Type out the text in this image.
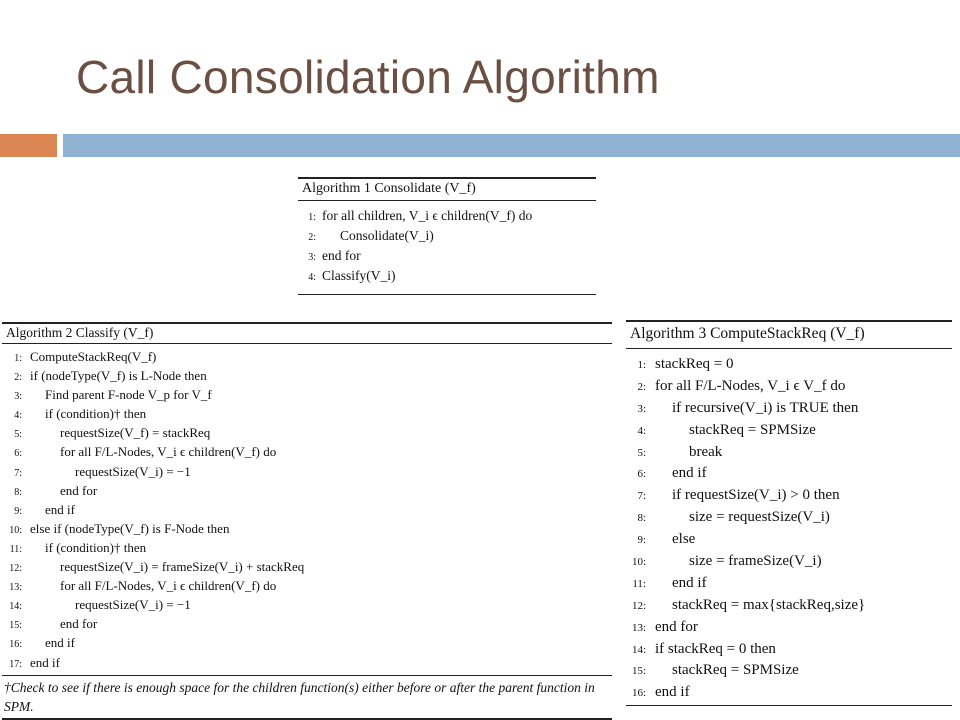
Call Consolidation Algorithm
Algorithm 1 Consolidate (V_f)
1: for all children, V_i ϵ children(V_f) do
2: Consolidate(V_i)
3: end for
4: Classify(V_i)
Algorithm 2 Classify (V_f)
1: ComputeStackReq(V_f)
2: if (nodeType(V_f) is L-Node then
3: Find parent F-node V_p for V_f
4: if (condition)† then
5:	requestSize(V_f) = stackReq
6:	for all F/L-Nodes, V_i ϵ children(V_f) do
7:	requestSize(V_i) = −1
8:	end for
9: end if
10: else if (nodeType(V_f) is F-Node then
11: if (condition)† then
12:	requestSize(V_i) = frameSize(V_i) + stackReq
13:	for all F/L-Nodes, V_i ϵ children(V_f) do
14:	requestSize(V_i) = −1
15:	end for
16: end if
17: end if
†Check to see if there is enough space for the children function(s) either before or after the parent function in SPM.
Algorithm 3 ComputeStackReq (V_f)
1: stackReq = 0
2: for all F/L-Nodes, V_i ϵ V_f do
3: if recursive(V_i) is TRUE then
4:	stackReq = SPMSize
5:	break
6: end if
7: if requestSize(V_i) > 0 then
8:	size = requestSize(V_i)
9: else
10:	size = frameSize(V_i)
11: end if
12: stackReq = max{stackReq,size}
13: end for
14: if stackReq = 0 then
15: stackReq = SPMSize
16: end if
